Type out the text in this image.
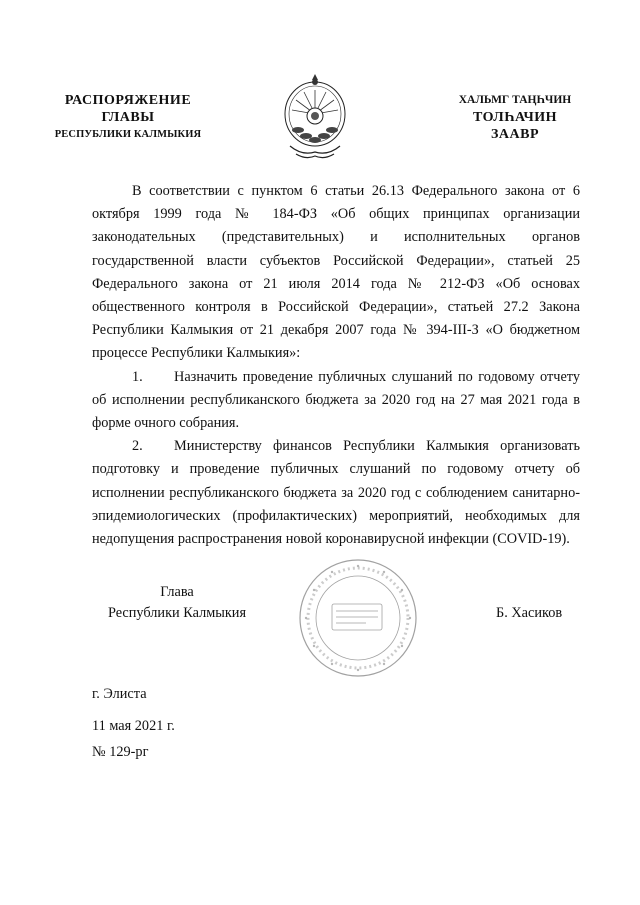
РАСПОРЯЖЕНИЕ
ГЛАВЫ
РЕСПУБЛИКИ КАЛМЫКИЯ
ХАЛЬМГ ТАҢҺЧИН
ТОЛҺАЧИН
ЗААВР

В соответствии с пунктом 6 статьи 26.13 Федерального закона от 6 октября 1999 года № 184-ФЗ «Об общих принципах организации законодательных (представительных) и исполнительных органов государственной власти субъектов Российской Федерации», статьей 25 Федерального закона от 21 июля 2014 года № 212-ФЗ «Об основах общественного контроля в Российской Федерации», статьей 27.2 Закона Республики Калмыкия от 21 декабря 2007 года № 394-III-З «О бюджетном процессе Республики Калмыкия»:

1. Назначить проведение публичных слушаний по годовому отчету об исполнении республиканского бюджета за 2020 год на 27 мая 2021 года в форме очного собрания.

2. Министерству финансов Республики Калмыкия организовать подготовку и проведение публичных слушаний по годовому отчету об исполнении республиканского бюджета за 2020 год с соблюдением санитарно-эпидемиологических (профилактических) мероприятий, необходимых для недопущения распространения новой коронавирусной инфекции (COVID-19).

Глава
Республики Калмыкия	Б. Хасиков
г. Элиста
11 мая 2021 г.
№ 129-рг
